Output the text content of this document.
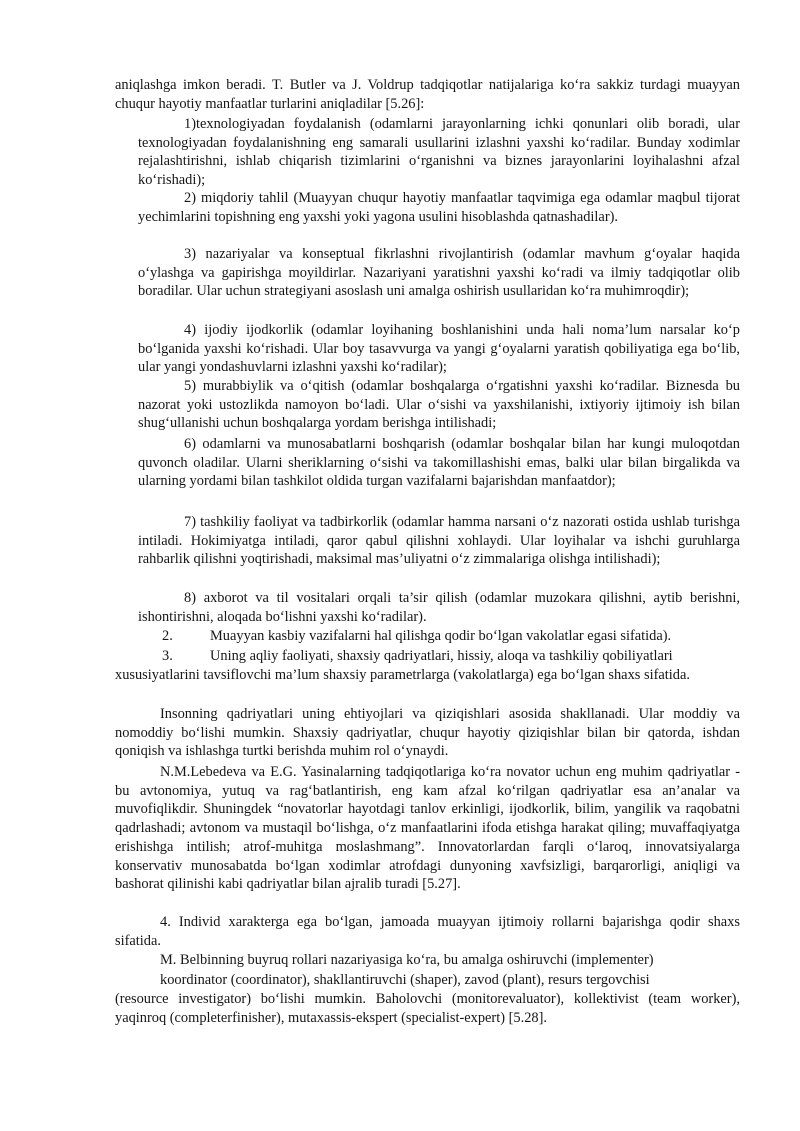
aniqlashga imkon beradi. T. Butler va J. Voldrup tadqiqotlar natijalariga ko‘ra sakkiz turdagi muayyan chuqur hayotiy manfaatlar turlarini aniqladilar [5.26]:

1)texnologiyadan foydalanish (odamlarni jarayonlarning ichki qonunlari olib boradi, ular texnologiyadan foydalanishning eng samarali usullarini izlashni yaxshi ko‘radilar. Bunday xodimlar rejalashtirishni, ishlab chiqarish tizimlarini o‘rganishni va biznes jarayonlarini loyihalashni afzal ko‘rishadi);

2) miqdoriy tahlil (Muayyan chuqur hayotiy manfaatlar taqvimiga ega odamlar maqbul tijorat yechimlarini topishning eng yaxshi yoki yagona usulini hisoblashda qatnashadilar).

3) nazariyalar va konseptual fikrlashni rivojlantirish (odamlar mavhum g‘oyalar haqida o‘ylashga va gapirishga moyildirlar. Nazariyani yaratishni yaxshi ko‘radi va ilmiy tadqiqotlar olib boradilar. Ular uchun strategiyani asoslash uni amalga oshirish usullaridan ko‘ra muhimroqdir);

4) ijodiy ijodkorlik (odamlar loyihaning boshlanishini unda hali noma’lum narsalar ko‘p bo‘lganida yaxshi ko‘rishadi. Ular boy tasavvurga va yangi g‘oyalarni yaratish qobiliyatiga ega bo‘lib, ular yangi yondashuvlarni izlashni yaxshi ko‘radilar);

5) murabbiylik va o‘qitish (odamlar boshqalarga o‘rgatishni yaxshi ko‘radilar. Biznesda bu nazorat yoki ustozlikda namoyon bo‘ladi. Ular o‘sishi va yaxshilanishi, ixtiyoriy ijtimoiy ish bilan shug‘ullanishi uchun boshqalarga yordam berishga intilishadi;

6) odamlarni va munosabatlarni boshqarish (odamlar boshqalar bilan har kungi muloqotdan quvonch oladilar. Ularni sheriklarning o‘sishi va takomillashishi emas, balki ular bilan birgalikda va ularning yordami bilan tashkilot oldida turgan vazifalarni bajarishdan manfaatdor);

7) tashkiliy faoliyat va tadbirkorlik (odamlar hamma narsani o‘z nazorati ostida ushlab turishga intiladi. Hokimiyatga intiladi, qaror qabul qilishni xohlaydi. Ular loyihalar va ishchi guruhlarga rahbarlik qilishni yoqtirishadi, maksimal mas’uliyatni o‘z zimmalariga olishga intilishadi);

8) axborot va til vositalari orqali ta’sir qilish (odamlar muzokara qilishni, aytib berishni, ishontirishni, aloqada bo‘lishni yaxshi ko‘radilar).

2.	Muayyan kasbiy vazifalarni hal qilishga qodir bo‘lgan vakolatlar egasi sifatida).
3.	Uning aqliy faoliyati, shaxsiy qadriyatlari, hissiy, aloqa va tashkiliy qobiliyatlari

xususiyatlarini tavsiflovchi ma’lum shaxsiy parametrlarga (vakolatlarga) ega bo‘lgan shaxs sifatida.

Insonning qadriyatlari uning ehtiyojlari va qiziqishlari asosida shakllanadi. Ular moddiy va nomoddiy bo‘lishi mumkin. Shaxsiy qadriyatlar, chuqur hayotiy qiziqishlar bilan bir qatorda, ishdan qoniqish va ishlashga turtki berishda muhim rol o‘ynaydi.

N.M.Lebedeva va E.G. Yasinalarning tadqiqotlariga ko‘ra novator uchun eng muhim qadriyatlar - bu avtonomiya, yutuq va rag‘batlantirish, eng kam afzal ko‘rilgan qadriyatlar esa an’analar va muvofiqlikdir. Shuningdek “novatorlar hayotdagi tanlov erkinligi, ijodkorlik, bilim, yangilik va raqobatni qadrlashadi; avtonom va mustaqil bo‘lishga, o‘z manfaatlarini ifoda etishga harakat qiling; muvaffaqiyatga erishishga intilish; atrof-muhitga moslashmang”. Innovatorlardan farqli o‘laroq, innovatsiyalarga konservativ munosabatda bo‘lgan xodimlar atrofdagi dunyoning xavfsizligi, barqarorligi, aniqligi va bashorat qilinishi kabi qadriyatlar bilan ajralib turadi [5.27].

4. Individ xarakterga ega bo‘lgan, jamoada muayyan ijtimoiy rollarni bajarishga qodir shaxs sifatida.

M. Belbinning buyruq rollari nazariyasiga ko‘ra, bu amalga oshiruvchi (implementer)
koordinator (coordinator), shakllantiruvchi (shaper), zavod (plant), resurs tergovchisi

(resource investigator) bo‘lishi mumkin. Baholovchi (monitorevaluator), kollektivist (team worker), yaqinroq (completerfinisher), mutaxassis-ekspert (specialist-expert) [5.28].
